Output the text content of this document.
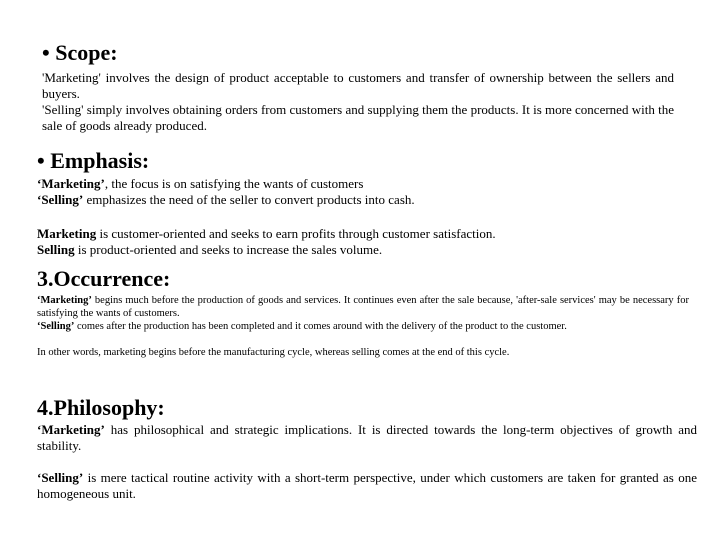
• Scope:
'Marketing' involves the design of product acceptable to customers and transfer of ownership between the sellers and buyers.
'Selling' simply involves obtaining orders from customers and supplying them the products. It is more concerned with the sale of goods already produced.
• Emphasis:
‘Marketing’, the focus is on satisfying the wants of customers
‘Selling’ emphasizes the need of the seller to convert products into cash.
Marketing is customer-oriented and seeks to earn profits through customer satisfaction.
Selling is product-oriented and seeks to increase the sales volume.
3.Occurrence:
‘Marketing’ begins much before the production of goods and services. It continues even after the sale because, 'after-sale services' may be necessary for satisfying the wants of customers.
‘Selling’ comes after the production has been completed and it comes around with the delivery of the product to the customer.
In other words, marketing begins before the manufacturing cycle, whereas selling comes at the end of this cycle.
4.Philosophy:
‘Marketing’ has philosophical and strategic implications. It is directed towards the long-term objectives of growth and stability.
‘Selling’ is mere tactical routine activity with a short-term perspective, under which customers are taken for granted as one homogeneous unit.
